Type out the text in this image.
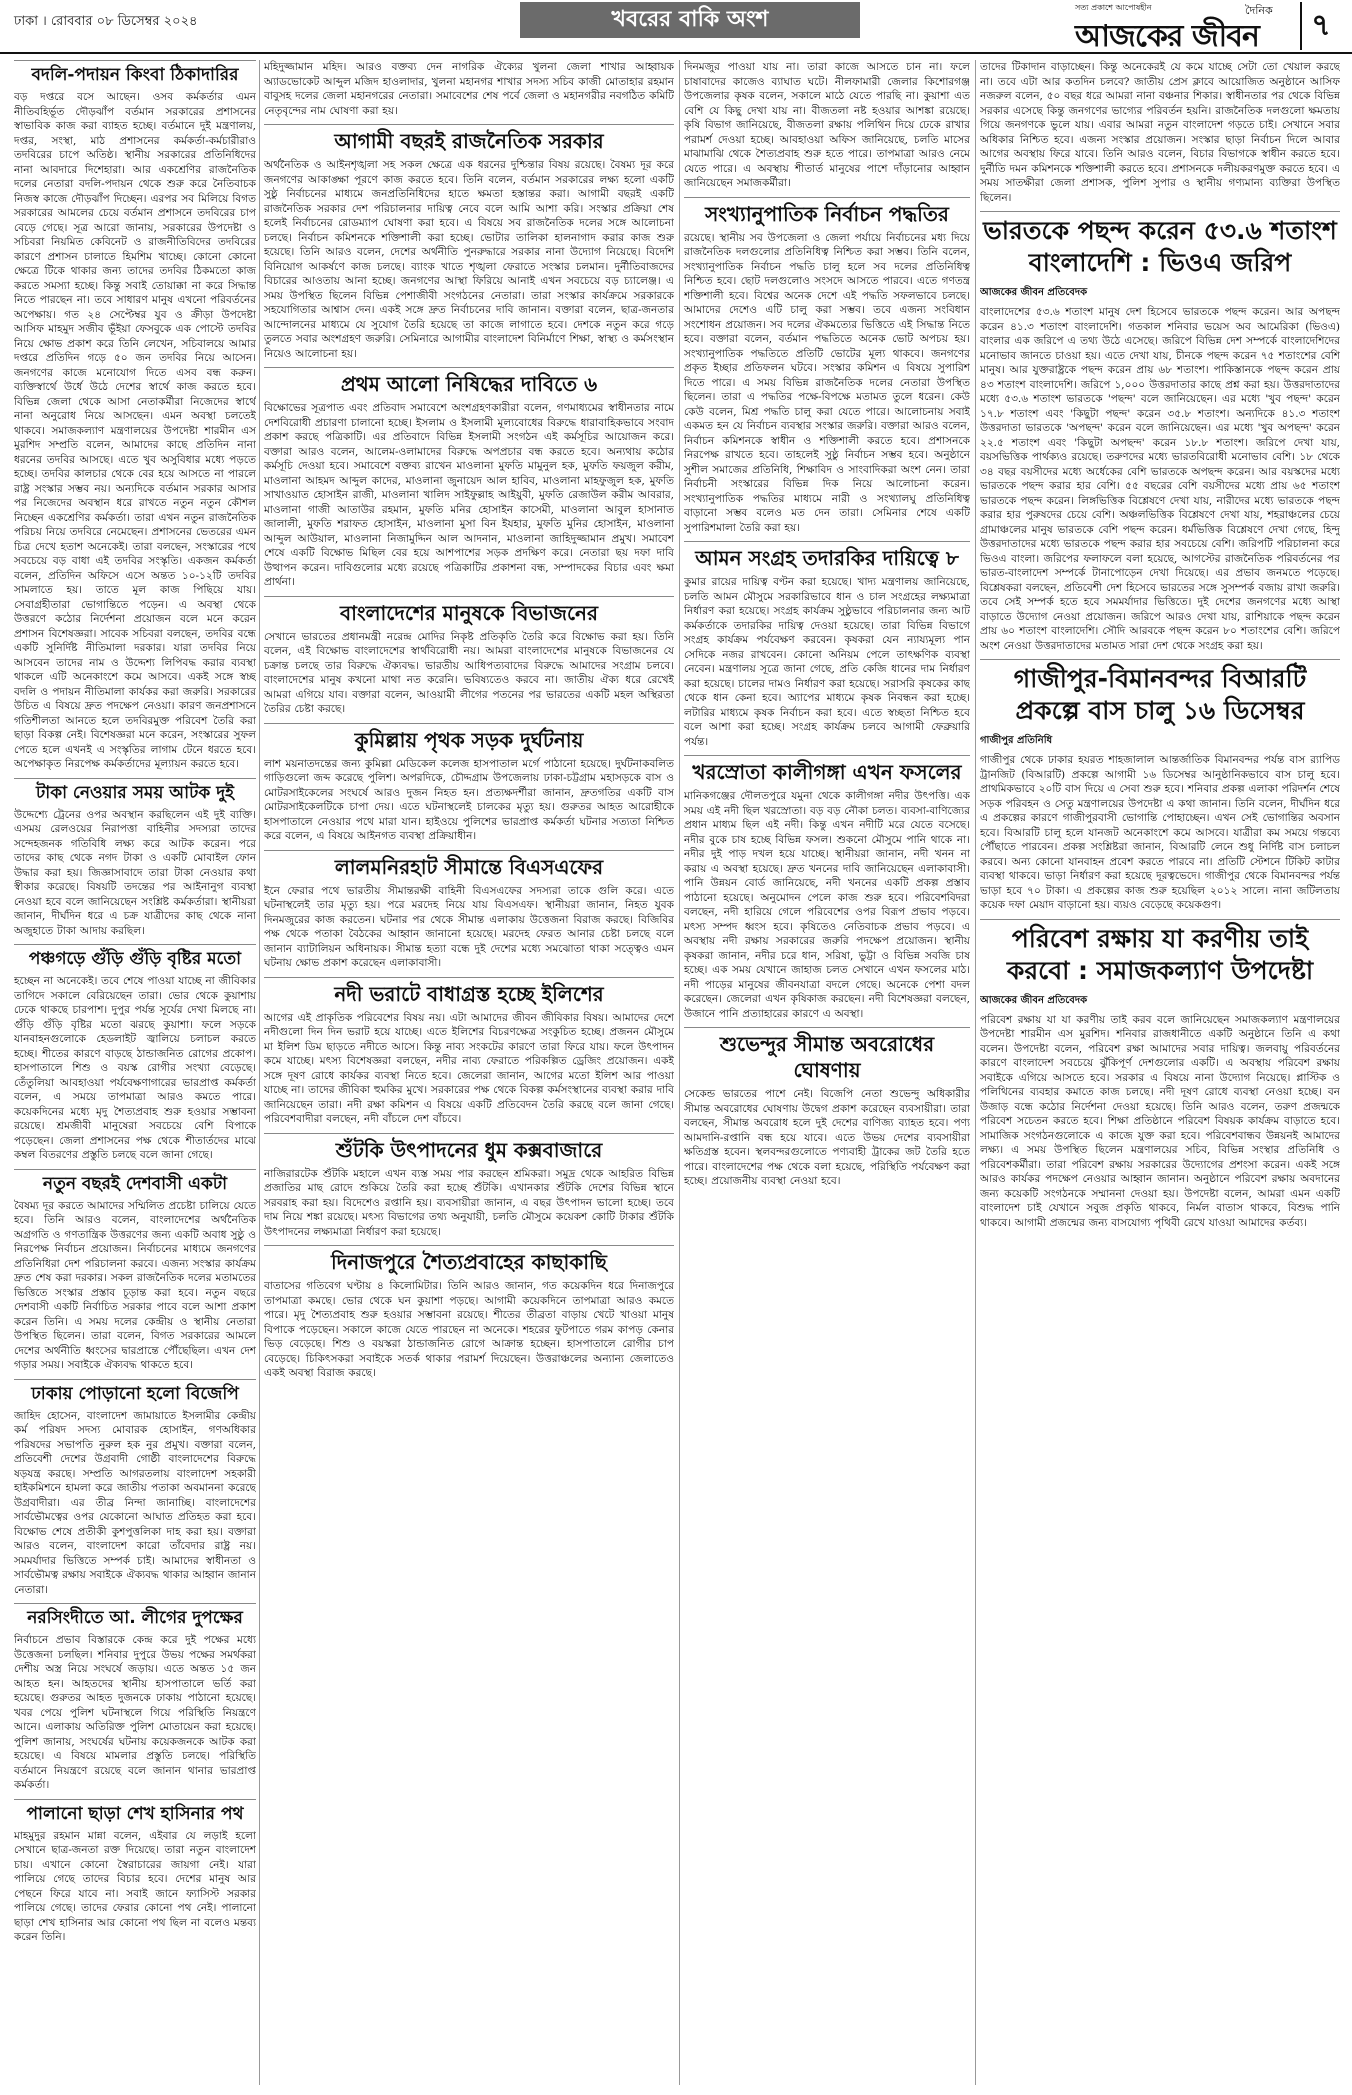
ঢাকা । রোববার ০৮ ডিসেম্বর ২০২৪	খবরের বাকি অংশ	সত্য প্রকাশে আপোষহীন	দৈনিক
আজকের জীবন	৭
বদলি-পদায়ন কিংবা ঠিকাদারির
বড় দপ্তরে বসে আছেন। ওসব কর্মকর্তার এমন নীতিবহির্ভূত দৌড়ঝাঁপ বর্তমান সরকারের প্রশাসনের স্বাভাবিক কাজ করা ব্যাহত হচ্ছে। বর্তমানে দুই মন্ত্রণালয়, দপ্তর, সংস্থা, মাঠ প্রশাসনের কর্মকর্তা-কর্মচারীরাও তদবিরের চাপে অতিষ্ঠ। স্থানীয় সরকারের প্রতিনিধিদের নানা আবদারে দিশেহারা। আর একশ্রেণির রাজনৈতিক দলের নেতারা বদলি-পদায়ন থেকে শুরু করে নৈতিবাচক নিজস্ব কাজে দৌড়ঝাঁপ দিচ্ছেন। এরপর সব মিলিয়ে বিগত সরকারের আমলের চেয়ে বর্তমান প্রশাসনে তদবিরের চাপ বেড়ে গেছে। সূত্র আরো জানায়, সরকারের উপদেষ্টা ও সচিবরা নিয়মিত কেবিনেট ও রাজনীতিবিদের তদবিরের কারণে প্রশাসন চালাতে হিমশিম খাচ্ছে। কোনো কোনো ক্ষেত্রে টিকে থাকার জন্য তাদের তদবির ঠিকমতো কাজ করতে সমস্যা হচ্ছে। কিন্তু সবাই তোয়াক্কা না করে সিদ্ধান্ত নিতে পারছেন না। তবে সাধারণ মানুষ এখনো পরিবর্তনের অপেক্ষায়। গত ২৪ সেপ্টেম্বর যুব ও ক্রীড়া উপদেষ্টা আসিফ মাহমুদ সজীব ভূঁইয়া ফেসবুকে এক পোস্টে তদবির নিয়ে ক্ষোভ প্রকাশ করে তিনি লেখেন, সচিবালয়ে আমার দপ্তরে প্রতিদিন গড়ে ৫০ জন তদবির নিয়ে আসেন। জনগণের কাজে মনোযোগ দিতে এসব বন্ধ করুন। ব্যক্তিস্বার্থে উর্ধে উঠে দেশের স্বার্থে কাজ করতে হবে। বিভিন্ন জেলা থেকে আসা নেতাকর্মীরা নিজেদের স্বার্থে নানা অনুরোধ নিয়ে আসছেন। এমন অবস্থা চলতেই থাকবে। সমাজকল্যাণ মন্ত্রণালয়ের উপদেষ্টা শারমীন এস মুরশিদ সম্প্রতি বলেন, আমাদের কাছে প্রতিদিন নানা ধরনের তদবির আসছে। এতে খুব অসুবিধার মধ্যে পড়তে হচ্ছে। তদবির কালচার থেকে বের হয়ে আসতে না পারলে রাষ্ট্র সংস্কার সম্ভব নয়। অন্যদিকে বর্তমান সরকার আসার পর নিজেদের অবস্থান ধরে রাখতে নতুন নতুন কৌশল নিচ্ছেন একশ্রেণির কর্মকর্তা। তারা এখন নতুন রাজনৈতিক পরিচয় নিয়ে তদবিরে নেমেছেন। প্রশাসনের ভেতরের এমন চিত্র দেখে হতাশ অনেকেই। তারা বলছেন, সংস্কারের পথে সবচেয়ে বড় বাধা এই তদবির সংস্কৃতি। একজন কর্মকর্তা বলেন, প্রতিদিন অফিসে এসে অন্তত ১০-১২টি তদবির সামলাতে হয়। তাতে মূল কাজ পিছিয়ে যায়। সেবাগ্রহীতারা ভোগান্তিতে পড়েন। এ অবস্থা থেকে উত্তরণে কঠোর নির্দেশনা প্রয়োজন বলে মনে করেন প্রশাসন বিশেষজ্ঞরা। সাবেক সচিবরা বলছেন, তদবির বন্ধে একটি সুনির্দিষ্ট নীতিমালা দরকার। যারা তদবির নিয়ে আসবেন তাদের নাম ও উদ্দেশ্য লিপিবদ্ধ করার ব্যবস্থা থাকলে এটি অনেকাংশে কমে আসবে। একই সঙ্গে স্বচ্ছ বদলি ও পদায়ন নীতিমালা কার্যকর করা জরুরি। সরকারের উচিত এ বিষয়ে দ্রুত পদক্ষেপ নেওয়া। কারণ জনপ্রশাসনে গতিশীলতা আনতে হলে তদবিরমুক্ত পরিবেশ তৈরি করা ছাড়া বিকল্প নেই। বিশেষজ্ঞরা মনে করেন, সংস্কারের সুফল পেতে হলে এখনই এ সংস্কৃতির লাগাম টেনে ধরতে হবে। অপেক্ষাকৃত নিরপেক্ষ কর্মকর্তাদের মূল্যায়ন করতে হবে।
টাকা নেওয়ার সময় আটক দুই
উদ্দেশ্যে ট্রেনের ওপর অবস্থান করছিলেন এই দুই ব্যক্তি। এসময় রেলওয়ের নিরাপত্তা বাহিনীর সদস্যরা তাদের সন্দেহজনক গতিবিধি লক্ষ্য করে আটক করেন। পরে তাদের কাছ থেকে নগদ টাকা ও একটি মোবাইল ফোন উদ্ধার করা হয়। জিজ্ঞাসাবাদে তারা টাকা নেওয়ার কথা স্বীকার করেছে। বিষয়টি তদন্তের পর আইনানুগ ব্যবস্থা নেওয়া হবে বলে জানিয়েছেন সংশ্লিষ্ট কর্মকর্তারা। স্থানীয়রা জানান, দীর্ঘদিন ধরে এ চক্র যাত্রীদের কাছ থেকে নানা অজুহাতে টাকা আদায় করছিল।
পঞ্চগড়ে গুঁড়ি গুঁড়ি বৃষ্টির মতো
হচ্ছেন না অনেকেই। তবে শেষে পাওয়া যাচ্ছে না জীবিকার তাগিদে সকালে বেরিয়েছেন তারা। ভোর থেকে কুয়াশায় ঢেকে থাকছে চারপাশ। দুপুর পর্যন্ত সূর্যের দেখা মিলছে না। গুঁড়ি গুঁড়ি বৃষ্টির মতো ঝরছে কুয়াশা। ফলে সড়কে যানবাহনগুলোকে হেডলাইট জ্বালিয়ে চলাচল করতে হচ্ছে। শীতের কারণে বাড়ছে ঠান্ডাজনিত রোগের প্রকোপ। হাসপাতালে শিশু ও বয়স্ক রোগীর সংখ্যা বেড়েছে। তেঁতুলিয়া আবহাওয়া পর্যবেক্ষণাগারের ভারপ্রাপ্ত কর্মকর্তা বলেন, এ সময়ে তাপমাত্রা আরও কমতে পারে। কয়েকদিনের মধ্যে মৃদু শৈত্যপ্রবাহ শুরু হওয়ার সম্ভাবনা রয়েছে। শ্রমজীবী মানুষেরা সবচেয়ে বেশি বিপাকে পড়েছেন। জেলা প্রশাসনের পক্ষ থেকে শীতার্তদের মাঝে কম্বল বিতরণের প্রস্তুতি চলছে বলে জানা গেছে।
নতুন বছরই দেশবাসী একটা
বৈষম্য দূর করতে আমাদের সম্মিলিত প্রচেষ্টা চালিয়ে যেতে হবে। তিনি আরও বলেন, বাংলাদেশের অর্থনৈতিক অগ্রগতি ও গণতান্ত্রিক উত্তরণের জন্য একটি অবাধ সুষ্ঠু ও নিরপেক্ষ নির্বাচন প্রয়োজন। নির্বাচনের মাধ্যমে জনগণের প্রতিনিধিরা দেশ পরিচালনা করবে। এজন্য সংস্কার কার্যক্রম দ্রুত শেষ করা দরকার। সকল রাজনৈতিক দলের মতামতের ভিত্তিতে সংস্কার প্রস্তাব চূড়ান্ত করা হবে। নতুন বছরে দেশবাসী একটি নির্বাচিত সরকার পাবে বলে আশা প্রকাশ করেন তিনি। এ সময় দলের কেন্দ্রীয় ও স্থানীয় নেতারা উপস্থিত ছিলেন। তারা বলেন, বিগত সরকারের আমলে দেশের অর্থনীতি ধ্বংসের দ্বারপ্রান্তে পৌঁছেছিল। এখন দেশ গড়ার সময়। সবাইকে ঐক্যবদ্ধ থাকতে হবে।
ঢাকায় পোড়ানো হলো বিজেপি
জাহিদ হোসেন, বাংলাদেশ জামায়াতে ইসলামীর কেন্দ্রীয় কর্ম পরিষদ সদস্য মোবারক হোসাইন, গণঅধিকার পরিষদের সভাপতি নুরুল হক নুর প্রমুখ। বক্তারা বলেন, প্রতিবেশী দেশের উগ্রবাদী গোষ্ঠী বাংলাদেশের বিরুদ্ধে ষড়যন্ত্র করছে। সম্প্রতি আগরতলায় বাংলাদেশ সহকারী হাইকমিশনে হামলা করে জাতীয় পতাকা অবমাননা করেছে উগ্রবাদীরা। এর তীব্র নিন্দা জানাচ্ছি। বাংলাদেশের সার্বভৌমত্বের ওপর যেকোনো আঘাত প্রতিহত করা হবে। বিক্ষোভ শেষে প্রতীকী কুশপুত্তলিকা দাহ করা হয়। বক্তারা আরও বলেন, বাংলাদেশ কারো তাঁবেদার রাষ্ট্র নয়। সমমর্যাদার ভিত্তিতে সম্পর্ক চাই। আমাদের স্বাধীনতা ও সার্বভৌমত্ব রক্ষায় সবাইকে ঐক্যবদ্ধ থাকার আহ্বান জানান নেতারা।
নরসিংদীতে আ. লীগের দুপক্ষের
নির্বাচনে প্রভাব বিস্তারকে কেন্দ্র করে দুই পক্ষের মধ্যে উত্তেজনা চলছিল। শনিবার দুপুরে উভয় পক্ষের সমর্থকরা দেশীয় অস্ত্র নিয়ে সংঘর্ষে জড়ায়। এতে অন্তত ১৫ জন আহত হন। আহতদের স্থানীয় হাসপাতালে ভর্তি করা হয়েছে। গুরুতর আহত দুজনকে ঢাকায় পাঠানো হয়েছে। খবর পেয়ে পুলিশ ঘটনাস্থলে গিয়ে পরিস্থিতি নিয়ন্ত্রণে আনে। এলাকায় অতিরিক্ত পুলিশ মোতায়েন করা হয়েছে। পুলিশ জানায়, সংঘর্ষের ঘটনায় কয়েকজনকে আটক করা হয়েছে। এ বিষয়ে মামলার প্রস্তুতি চলছে। পরিস্থিতি বর্তমানে নিয়ন্ত্রণে রয়েছে বলে জানান থানার ভারপ্রাপ্ত কর্মকর্তা।
পালানো ছাড়া শেখ হাসিনার পথ
মাহমুদুর রহমান মান্না বলেন, এইবার যে লড়াই হলো সেখানে ছাত্র-জনতা রক্ত দিয়েছে। তারা নতুন বাংলাদেশ চায়। এখানে কোনো স্বৈরাচারের জায়গা নেই। যারা পালিয়ে গেছে তাদের বিচার হবে। দেশের মানুষ আর পেছনে ফিরে যাবে না। সবাই জানে ফ্যাসিস্ট সরকার পালিয়ে গেছে। তাদের ফেরার কোনো পথ নেই। পালানো ছাড়া শেখ হাসিনার আর কোনো পথ ছিল না বলেও মন্তব্য করেন তিনি।
মহিদুজ্জামান মহিদ। আরও বক্তব্য দেন নাগরিক ঐক্যের খুলনা জেলা শাখার আহ্বায়ক অ্যাডভোকেট আব্দুল মজিদ হাওলাদার, খুলনা মহানগর শাখার সদস্য সচিব কাজী মোতাহার রহমান বাবুসহ দলের জেলা মহানগরের নেতারা। সমাবেশের শেষ পর্বে জেলা ও মহানগরীর নবগঠিত কমিটি নেতৃবৃন্দের নাম ঘোষণা করা হয়।
আগামী বছরই রাজনৈতিক সরকার
অর্থনৈতিক ও আইনশৃঙ্খলা সহ সকল ক্ষেত্রে এক ধরনের দুশ্চিন্তার বিষয় রয়েছে। বৈষম্য দূর করে জনগণের আকাঙ্ক্ষা পূরণে কাজ করতে হবে। তিনি বলেন, বর্তমান সরকারের লক্ষ্য হলো একটি সুষ্ঠু নির্বাচনের মাধ্যমে জনপ্রতিনিধিদের হাতে ক্ষমতা হস্তান্তর করা। আগামী বছরই একটি রাজনৈতিক সরকার দেশ পরিচালনার দায়িত্ব নেবে বলে আমি আশা করি। সংস্কার প্রক্রিয়া শেষ হলেই নির্বাচনের রোডম্যাপ ঘোষণা করা হবে। এ বিষয়ে সব রাজনৈতিক দলের সঙ্গে আলোচনা চলছে। নির্বাচন কমিশনকে শক্তিশালী করা হচ্ছে। ভোটার তালিকা হালনাগাদ করার কাজ শুরু হয়েছে। তিনি আরও বলেন, দেশের অর্থনীতি পুনরুদ্ধারে সরকার নানা উদ্যোগ নিয়েছে। বিদেশি বিনিয়োগ আকর্ষণে কাজ চলছে। ব্যাংক খাতে শৃঙ্খলা ফেরাতে সংস্কার চলমান। দুর্নীতিবাজদের বিচারের আওতায় আনা হচ্ছে। জনগণের আস্থা ফিরিয়ে আনাই এখন সবচেয়ে বড় চ্যালেঞ্জ। এ সময় উপস্থিত ছিলেন বিভিন্ন পেশাজীবী সংগঠনের নেতারা। তারা সংস্কার কার্যক্রমে সরকারকে সহযোগিতার আশ্বাস দেন। একই সঙ্গে দ্রুত নির্বাচনের দাবি জানান। বক্তারা বলেন, ছাত্র-জনতার আন্দোলনের মাধ্যমে যে সুযোগ তৈরি হয়েছে তা কাজে লাগাতে হবে। দেশকে নতুন করে গড়ে তুলতে সবার অংশগ্রহণ জরুরি। সেমিনারে আগামীর বাংলাদেশ বিনির্মাণে শিক্ষা, স্বাস্থ্য ও কর্মসংস্থান নিয়েও আলোচনা হয়।
প্রথম আলো নিষিদ্ধের দাবিতে ৬
বিক্ষোভের সূত্রপাত এবং প্রতিবাদ সমাবেশে অংশগ্রহণকারীরা বলেন, গণমাধ্যমের স্বাধীনতার নামে দেশবিরোধী প্রচারণা চালানো হচ্ছে। ইসলাম ও ইসলামী মূল্যবোধের বিরুদ্ধে ধারাবাহিকভাবে সংবাদ প্রকাশ করছে পত্রিকাটি। এর প্রতিবাদে বিভিন্ন ইসলামী সংগঠন এই কর্মসূচির আয়োজন করে। বক্তারা আরও বলেন, আলেম-ওলামাদের বিরুদ্ধে অপপ্রচার বন্ধ করতে হবে। অন্যথায় কঠোর কর্মসূচি দেওয়া হবে। সমাবেশে বক্তব্য রাখেন মাওলানা মুফতি মামুনুল হক, মুফতি ফয়জুল করীম, মাওলানা আহমদ আব্দুল কাদের, মাওলানা জুনায়েদ আল হাবিব, মাওলানা মাহফুজুল হক, মুফতি সাখাওয়াত হোসাইন রাজী, মাওলানা খালিদ সাইফুল্লাহ আইয়ুবী, মুফতি রেজাউল করীম আবরার, মাওলানা গাজী আতাউর রহমান, মুফতি মনির হোসাইন কাসেমী, মাওলানা আবুল হাসানাত জালালী, মুফতি শরাফত হোসাইন, মাওলানা মুসা বিন ইযহার, মুফতি মুনির হোসাইন, মাওলানা আব্দুল আউয়াল, মাওলানা নিজামুদ্দিন আল আদনান, মাওলানা জাহিদুজ্জামান প্রমুখ। সমাবেশ শেষে একটি বিক্ষোভ মিছিল বের হয়ে আশপাশের সড়ক প্রদক্ষিণ করে। নেতারা ছয় দফা দাবি উত্থাপন করেন। দাবিগুলোর মধ্যে রয়েছে পত্রিকাটির প্রকাশনা বন্ধ, সম্পাদকের বিচার এবং ক্ষমা প্রার্থনা।
বাংলাদেশের মানুষকে বিভাজনের
সেখানে ভারতের প্রধানমন্ত্রী নরেন্দ্র মোদির নিকৃষ্ট প্রতিকৃতি তৈরি করে বিক্ষোভ করা হয়। তিনি বলেন, এই বিক্ষোভ বাংলাদেশের স্বার্থবিরোধী নয়। আমরা বাংলাদেশের মানুষকে বিভাজনের যে চক্রান্ত চলছে তার বিরুদ্ধে ঐক্যবদ্ধ। ভারতীয় আধিপত্যবাদের বিরুদ্ধে আমাদের সংগ্রাম চলবে। বাংলাদেশের মানুষ কখনো মাথা নত করেনি। ভবিষ্যতেও করবে না। জাতীয় ঐক্য ধরে রেখেই আমরা এগিয়ে যাব। বক্তারা বলেন, আওয়ামী লীগের পতনের পর ভারতের একটি মহল অস্থিরতা তৈরির চেষ্টা করছে।
কুমিল্লায় পৃথক সড়ক দুর্ঘটনায়
লাশ ময়নাতদন্তের জন্য কুমিল্লা মেডিকেল কলেজ হাসপাতাল মর্গে পাঠানো হয়েছে। দুর্ঘটনাকবলিত গাড়িগুলো জব্দ করেছে পুলিশ। অপরদিকে, চৌদ্দগ্রাম উপজেলায় ঢাকা-চট্টগ্রাম মহাসড়কে বাস ও মোটরসাইকেলের সংঘর্ষে আরও দুজন নিহত হন। প্রত্যক্ষদর্শীরা জানান, দ্রুতগতির একটি বাস মোটরসাইকেলটিকে চাপা দেয়। এতে ঘটনাস্থলেই চালকের মৃত্যু হয়। গুরুতর আহত আরোহীকে হাসপাতালে নেওয়ার পথে মারা যান। হাইওয়ে পুলিশের ভারপ্রাপ্ত কর্মকর্তা ঘটনার সত্যতা নিশ্চিত করে বলেন, এ বিষয়ে আইনগত ব্যবস্থা প্রক্রিয়াধীন।
লালমনিরহাট সীমান্তে বিএসএফের
ইনে ফেরার পথে ভারতীয় সীমান্তরক্ষী বাহিনী বিএসএফের সদস্যরা তাকে গুলি করে। এতে ঘটনাস্থলেই তার মৃত্যু হয়। পরে মরদেহ নিয়ে যায় বিএসএফ। স্থানীয়রা জানান, নিহত যুবক দিনমজুরের কাজ করতেন। ঘটনার পর থেকে সীমান্ত এলাকায় উত্তেজনা বিরাজ করছে। বিজিবির পক্ষ থেকে পতাকা বৈঠকের আহ্বান জানানো হয়েছে। মরদেহ ফেরত আনার চেষ্টা চলছে বলে জানান ব্যাটালিয়ন অধিনায়ক। সীমান্ত হত্যা বন্ধে দুই দেশের মধ্যে সমঝোতা থাকা সত্ত্বেও এমন ঘটনায় ক্ষোভ প্রকাশ করেছেন এলাকাবাসী।
নদী ভরাটে বাধাগ্রস্ত হচ্ছে ইলিশের
আগের এই প্রাকৃতিক পরিবেশের বিষয় নয়। এটা আমাদের জীবন জীবিকার বিষয়। আমাদের দেশে নদীগুলো দিন দিন ভরাট হয়ে যাচ্ছে। এতে ইলিশের বিচরণক্ষেত্র সংকুচিত হচ্ছে। প্রজনন মৌসুমে মা ইলিশ ডিম ছাড়তে নদীতে আসে। কিন্তু নাব্য সংকটের কারণে তারা ফিরে যায়। ফলে উৎপাদন কমে যাচ্ছে। মৎস্য বিশেষজ্ঞরা বলছেন, নদীর নাব্য ফেরাতে পরিকল্পিত ড্রেজিং প্রয়োজন। একই সঙ্গে দূষণ রোধে কার্যকর ব্যবস্থা নিতে হবে। জেলেরা জানান, আগের মতো ইলিশ আর পাওয়া যাচ্ছে না। তাদের জীবিকা হুমকির মুখে। সরকারের পক্ষ থেকে বিকল্প কর্মসংস্থানের ব্যবস্থা করার দাবি জানিয়েছেন তারা। নদী রক্ষা কমিশন এ বিষয়ে একটি প্রতিবেদন তৈরি করছে বলে জানা গেছে। পরিবেশবাদীরা বলছেন, নদী বাঁচলে দেশ বাঁচবে।
শুঁটকি উৎপাদনের ধুম কক্সবাজারে
নাজিরারটেক শুঁটকি মহালে এখন ব্যস্ত সময় পার করছেন শ্রমিকরা। সমুদ্র থেকে আহরিত বিভিন্ন প্রজাতির মাছ রোদে শুকিয়ে তৈরি করা হচ্ছে শুঁটকি। এখানকার শুঁটকি দেশের বিভিন্ন স্থানে সরবরাহ করা হয়। বিদেশেও রপ্তানি হয়। ব্যবসায়ীরা জানান, এ বছর উৎপাদন ভালো হচ্ছে। তবে দাম নিয়ে শঙ্কা রয়েছে। মৎস্য বিভাগের তথ্য অনুযায়ী, চলতি মৌসুমে কয়েকশ কোটি টাকার শুঁটকি উৎপাদনের লক্ষ্যমাত্রা নির্ধারণ করা হয়েছে।
দিনাজপুরে শৈত্যপ্রবাহের কাছাকাছি
বাতাসের গতিবেগ ঘণ্টায় ৪ কিলোমিটার। তিনি আরও জানান, গত কয়েকদিন ধরে দিনাজপুরে তাপমাত্রা কমছে। ভোর থেকে ঘন কুয়াশা পড়ছে। আগামী কয়েকদিনে তাপমাত্রা আরও কমতে পারে। মৃদু শৈত্যপ্রবাহ শুরু হওয়ার সম্ভাবনা রয়েছে। শীতের তীব্রতা বাড়ায় খেটে খাওয়া মানুষ বিপাকে পড়েছেন। সকালে কাজে যেতে পারছেন না অনেকে। শহরের ফুটপাতে গরম কাপড় কেনার ভিড় বেড়েছে। শিশু ও বয়স্করা ঠান্ডাজনিত রোগে আক্রান্ত হচ্ছেন। হাসপাতালে রোগীর চাপ বেড়েছে। চিকিৎসকরা সবাইকে সতর্ক থাকার পরামর্শ দিয়েছেন। উত্তরাঞ্চলের অন্যান্য জেলাতেও একই অবস্থা বিরাজ করছে।
দিনমজুর পাওয়া যায় না। তারা কাজে আসতে চান না। ফলে চাষাবাদের কাজেও ব্যাঘাত ঘটে। নীলফামারী জেলার কিশোরগঞ্জ উপজেলার কৃষক বলেন, সকালে মাঠে যেতে পারছি না। কুয়াশা এত বেশি যে কিছু দেখা যায় না। বীজতলা নষ্ট হওয়ার আশঙ্কা রয়েছে। কৃষি বিভাগ জানিয়েছে, বীজতলা রক্ষায় পলিথিন দিয়ে ঢেকে রাখার পরামর্শ দেওয়া হচ্ছে। আবহাওয়া অফিস জানিয়েছে, চলতি মাসের মাঝামাঝি থেকে শৈত্যপ্রবাহ শুরু হতে পারে। তাপমাত্রা আরও নেমে যেতে পারে। এ অবস্থায় শীতার্ত মানুষের পাশে দাঁড়ানোর আহ্বান জানিয়েছেন সমাজকর্মীরা।
সংখ্যানুপাতিক নির্বাচন পদ্ধতির
রয়েছে। স্থানীয় সব উপজেলা ও জেলা পর্যায়ে নির্বাচনের মধ্য দিয়ে রাজনৈতিক দলগুলোর প্রতিনিধিত্ব নিশ্চিত করা সম্ভব। তিনি বলেন, সংখ্যানুপাতিক নির্বাচন পদ্ধতি চালু হলে সব দলের প্রতিনিধিত্ব নিশ্চিত হবে। ছোট দলগুলোও সংসদে আসতে পারবে। এতে গণতন্ত্র শক্তিশালী হবে। বিশ্বের অনেক দেশে এই পদ্ধতি সফলভাবে চলছে। আমাদের দেশেও এটি চালু করা সম্ভব। তবে এজন্য সংবিধান সংশোধন প্রয়োজন। সব দলের ঐকমত্যের ভিত্তিতে এই সিদ্ধান্ত নিতে হবে। বক্তারা বলেন, বর্তমান পদ্ধতিতে অনেক ভোট অপচয় হয়। সংখ্যানুপাতিক পদ্ধতিতে প্রতিটি ভোটের মূল্য থাকবে। জনগণের প্রকৃত ইচ্ছার প্রতিফলন ঘটবে। সংস্কার কমিশন এ বিষয়ে সুপারিশ দিতে পারে। এ সময় বিভিন্ন রাজনৈতিক দলের নেতারা উপস্থিত ছিলেন। তারা এ পদ্ধতির পক্ষে-বিপক্ষে মতামত তুলে ধরেন। কেউ কেউ বলেন, মিশ্র পদ্ধতি চালু করা যেতে পারে। আলোচনায় সবাই একমত হন যে নির্বাচন ব্যবস্থার সংস্কার জরুরি। বক্তারা আরও বলেন, নির্বাচন কমিশনকে স্বাধীন ও শক্তিশালী করতে হবে। প্রশাসনকে নিরপেক্ষ রাখতে হবে। তাহলেই সুষ্ঠু নির্বাচন সম্ভব হবে। অনুষ্ঠানে সুশীল সমাজের প্রতিনিধি, শিক্ষাবিদ ও সাংবাদিকরা অংশ নেন। তারা নির্বাচনী সংস্কারের বিভিন্ন দিক নিয়ে আলোচনা করেন। সংখ্যানুপাতিক পদ্ধতির মাধ্যমে নারী ও সংখ্যালঘু প্রতিনিধিত্ব বাড়ানো সম্ভব বলেও মত দেন তারা। সেমিনার শেষে একটি সুপারিশমালা তৈরি করা হয়।
আমন সংগ্রহ তদারকির দায়িত্বে ৮
কুমার রায়ের দায়িত্ব বণ্টন করা হয়েছে। খাদ্য মন্ত্রণালয় জানিয়েছে, চলতি আমন মৌসুমে সরকারিভাবে ধান ও চাল সংগ্রহের লক্ষ্যমাত্রা নির্ধারণ করা হয়েছে। সংগ্রহ কার্যক্রম সুষ্ঠুভাবে পরিচালনার জন্য আট কর্মকর্তাকে তদারকির দায়িত্ব দেওয়া হয়েছে। তারা বিভিন্ন বিভাগে সংগ্রহ কার্যক্রম পর্যবেক্ষণ করবেন। কৃষকরা যেন ন্যায্যমূল্য পান সেদিকে নজর রাখবেন। কোনো অনিয়ম পেলে তাৎক্ষণিক ব্যবস্থা নেবেন। মন্ত্রণালয় সূত্রে জানা গেছে, প্রতি কেজি ধানের দাম নির্ধারণ করা হয়েছে। চালের দামও নির্ধারণ করা হয়েছে। সরাসরি কৃষকের কাছ থেকে ধান কেনা হবে। অ্যাপের মাধ্যমে কৃষক নিবন্ধন করা হচ্ছে। লটারির মাধ্যমে কৃষক নির্বাচন করা হবে। এতে স্বচ্ছতা নিশ্চিত হবে বলে আশা করা হচ্ছে। সংগ্রহ কার্যক্রম চলবে আগামী ফেব্রুয়ারি পর্যন্ত।
খরস্রোতা কালীগঙ্গা এখন ফসলের
মানিকগঞ্জের দৌলতপুরে যমুনা থেকে কালীগঙ্গা নদীর উৎপত্তি। এক সময় এই নদী ছিল খরস্রোতা। বড় বড় নৌকা চলত। ব্যবসা-বাণিজ্যের প্রধান মাধ্যম ছিল এই নদী। কিন্তু এখন নদীটি মরে যেতে বসেছে। নদীর বুকে চাষ হচ্ছে বিভিন্ন ফসল। শুকনো মৌসুমে পানি থাকে না। নদীর দুই পাড় দখল হয়ে যাচ্ছে। স্থানীয়রা জানান, নদী খনন না করায় এ অবস্থা হয়েছে। দ্রুত খননের দাবি জানিয়েছেন এলাকাবাসী। পানি উন্নয়ন বোর্ড জানিয়েছে, নদী খননের একটি প্রকল্প প্রস্তাব পাঠানো হয়েছে। অনুমোদন পেলে কাজ শুরু হবে। পরিবেশবিদরা বলছেন, নদী হারিয়ে গেলে পরিবেশের ওপর বিরূপ প্রভাব পড়বে। মৎস্য সম্পদ ধ্বংস হবে। কৃষিতেও নেতিবাচক প্রভাব পড়বে। এ অবস্থায় নদী রক্ষায় সরকারের জরুরি পদক্ষেপ প্রয়োজন। স্থানীয় কৃষকরা জানান, নদীর চরে ধান, সরিষা, ভুট্টা ও বিভিন্ন সবজি চাষ হচ্ছে। এক সময় যেখানে জাহাজ চলত সেখানে এখন ফসলের মাঠ। নদী পাড়ের মানুষের জীবনযাত্রা বদলে গেছে। অনেকে পেশা বদল করেছেন। জেলেরা এখন কৃষিকাজ করছেন। নদী বিশেষজ্ঞরা বলছেন, উজানে পানি প্রত্যাহারের কারণে এ অবস্থা।
শুভেন্দুর সীমান্ত অবরোধের ঘোষণায়
সেকেন্ড ভারতের পাশে নেই। বিজেপি নেতা শুভেন্দু অধিকারীর সীমান্ত অবরোধের ঘোষণায় উদ্বেগ প্রকাশ করেছেন ব্যবসায়ীরা। তারা বলছেন, সীমান্ত অবরোধ হলে দুই দেশের বাণিজ্য ব্যাহত হবে। পণ্য আমদানি-রপ্তানি বন্ধ হয়ে যাবে। এতে উভয় দেশের ব্যবসায়ীরা ক্ষতিগ্রস্ত হবেন। স্থলবন্দরগুলোতে পণ্যবাহী ট্রাকের জট তৈরি হতে পারে। বাংলাদেশের পক্ষ থেকে বলা হয়েছে, পরিস্থিতি পর্যবেক্ষণ করা হচ্ছে। প্রয়োজনীয় ব্যবস্থা নেওয়া হবে।
তাদের টিকাদান বাড়াচ্ছেন। কিন্তু অনেকেরই যে কমে যাচ্ছে সেটা তো খেয়াল করছে না। তবে এটা আর কতদিন চলবে? জাতীয় প্রেস ক্লাবে আয়োজিত অনুষ্ঠানে আসিফ নজরুল বলেন, ৫০ বছর ধরে আমরা নানা বঞ্চনার শিকার। স্বাধীনতার পর থেকে বিভিন্ন সরকার এসেছে কিন্তু জনগণের ভাগ্যের পরিবর্তন হয়নি। রাজনৈতিক দলগুলো ক্ষমতায় গিয়ে জনগণকে ভুলে যায়। এবার আমরা নতুন বাংলাদেশ গড়তে চাই। সেখানে সবার অধিকার নিশ্চিত হবে। এজন্য সংস্কার প্রয়োজন। সংস্কার ছাড়া নির্বাচন দিলে আবার আগের অবস্থায় ফিরে যাবে। তিনি আরও বলেন, বিচার বিভাগকে স্বাধীন করতে হবে। দুর্নীতি দমন কমিশনকে শক্তিশালী করতে হবে। প্রশাসনকে দলীয়করণমুক্ত করতে হবে। এ সময় সাতক্ষীরা জেলা প্রশাসক, পুলিশ সুপার ও স্থানীয় গণ্যমান্য ব্যক্তিরা উপস্থিত ছিলেন।
ভারতকে পছন্দ করেন ৫৩.৬ শতাংশ বাংলাদেশি : ভিওএ জরিপ
আজকের জীবন প্রতিবেদক
বাংলাদেশের ৫৩.৬ শতাংশ মানুষ দেশ হিসেবে ভারতকে পছন্দ করেন। আর অপছন্দ করেন ৪১.৩ শতাংশ বাংলাদেশি। গতকাল শনিবার ভয়েস অব আমেরিকা (ভিওএ) বাংলার এক জরিপে এ তথ্য উঠে এসেছে। জরিপে বিভিন্ন দেশ সম্পর্কে বাংলাদেশিদের মনোভাব জানতে চাওয়া হয়। এতে দেখা যায়, চীনকে পছন্দ করেন ৭৫ শতাংশের বেশি মানুষ। আর যুক্তরাষ্ট্রকে পছন্দ করেন প্রায় ৬৮ শতাংশ। পাকিস্তানকে পছন্দ করেন প্রায় ৪৩ শতাংশ বাংলাদেশি। জরিপে ১,০০০ উত্তরদাতার কাছে প্রশ্ন করা হয়। উত্তরদাতাদের মধ্যে ৫৩.৬ শতাংশ ভারতকে 'পছন্দ' বলে জানিয়েছেন। এর মধ্যে 'খুব পছন্দ' করেন ১৭.৮ শতাংশ এবং 'কিছুটা পছন্দ' করেন ৩৫.৮ শতাংশ। অন্যদিকে ৪১.৩ শতাংশ উত্তরদাতা ভারতকে 'অপছন্দ' করেন বলে জানিয়েছেন। এর মধ্যে 'খুব অপছন্দ' করেন ২২.৫ শতাংশ এবং 'কিছুটা অপছন্দ' করেন ১৮.৮ শতাংশ। জরিপে দেখা যায়, বয়সভিত্তিক পার্থক্যও রয়েছে। তরুণদের মধ্যে ভারতবিরোধী মনোভাব বেশি। ১৮ থেকে ৩৪ বছর বয়সীদের মধ্যে অর্ধেকের বেশি ভারতকে অপছন্দ করেন। আর বয়স্কদের মধ্যে ভারতকে পছন্দ করার হার বেশি। ৫৫ বছরের বেশি বয়সীদের মধ্যে প্রায় ৬৫ শতাংশ ভারতকে পছন্দ করেন। লিঙ্গভিত্তিক বিশ্লেষণে দেখা যায়, নারীদের মধ্যে ভারতকে পছন্দ করার হার পুরুষদের চেয়ে বেশি। অঞ্চলভিত্তিক বিশ্লেষণে দেখা যায়, শহরাঞ্চলের চেয়ে গ্রামাঞ্চলের মানুষ ভারতকে বেশি পছন্দ করেন। ধর্মভিত্তিক বিশ্লেষণে দেখা গেছে, হিন্দু উত্তরদাতাদের মধ্যে ভারতকে পছন্দ করার হার সবচেয়ে বেশি। জরিপটি পরিচালনা করে ভিওএ বাংলা। জরিপের ফলাফলে বলা হয়েছে, আগস্টের রাজনৈতিক পরিবর্তনের পর ভারত-বাংলাদেশ সম্পর্কে টানাপোড়েন দেখা দিয়েছে। এর প্রভাব জনমতে পড়েছে। বিশ্লেষকরা বলছেন, প্রতিবেশী দেশ হিসেবে ভারতের সঙ্গে সুসম্পর্ক বজায় রাখা জরুরি। তবে সেই সম্পর্ক হতে হবে সমমর্যাদার ভিত্তিতে। দুই দেশের জনগণের মধ্যে আস্থা বাড়াতে উদ্যোগ নেওয়া প্রয়োজন। জরিপে আরও দেখা যায়, রাশিয়াকে পছন্দ করেন প্রায় ৬০ শতাংশ বাংলাদেশি। সৌদি আরবকে পছন্দ করেন ৮০ শতাংশের বেশি। জরিপে অংশ নেওয়া উত্তরদাতাদের মতামত সারা দেশ থেকে সংগ্রহ করা হয়।
গাজীপুর-বিমানবন্দর বিআরটি প্রকল্পে বাস চালু ১৬ ডিসেম্বর
গাজীপুর প্রতিনিধি
গাজীপুর থেকে ঢাকার হযরত শাহজালাল আন্তর্জাতিক বিমানবন্দর পর্যন্ত বাস র‍্যাপিড ট্রানজিট (বিআরটি) প্রকল্পে আগামী ১৬ ডিসেম্বর আনুষ্ঠানিকভাবে বাস চালু হবে। প্রাথমিকভাবে ২০টি বাস দিয়ে এ সেবা শুরু হবে। শনিবার প্রকল্প এলাকা পরিদর্শন শেষে সড়ক পরিবহন ও সেতু মন্ত্রণালয়ের উপদেষ্টা এ কথা জানান। তিনি বলেন, দীর্ঘদিন ধরে এ প্রকল্পের কারণে গাজীপুরবাসী ভোগান্তি পোহাচ্ছেন। এখন সেই ভোগান্তির অবসান হবে। বিআরটি চালু হলে যানজট অনেকাংশে কমে আসবে। যাত্রীরা কম সময়ে গন্তব্যে পৌঁছাতে পারবেন। প্রকল্প সংশ্লিষ্টরা জানান, বিআরটি লেনে শুধু নির্দিষ্ট বাস চলাচল করবে। অন্য কোনো যানবাহন প্রবেশ করতে পারবে না। প্রতিটি স্টেশনে টিকিট কাটার ব্যবস্থা থাকবে। ভাড়া নির্ধারণ করা হয়েছে দূরত্বভেদে। গাজীপুর থেকে বিমানবন্দর পর্যন্ত ভাড়া হবে ৭০ টাকা। এ প্রকল্পের কাজ শুরু হয়েছিল ২০১২ সালে। নানা জটিলতায় কয়েক দফা মেয়াদ বাড়ানো হয়। ব্যয়ও বেড়েছে কয়েকগুণ।
পরিবেশ রক্ষায় যা করণীয় তাই করবো : সমাজকল্যাণ উপদেষ্টা
আজকের জীবন প্রতিবেদক
পরিবেশ রক্ষায় যা যা করণীয় তাই করব বলে জানিয়েছেন সমাজকল্যাণ মন্ত্রণালয়ের উপদেষ্টা শারমীন এস মুরশিদ। শনিবার রাজধানীতে একটি অনুষ্ঠানে তিনি এ কথা বলেন। উপদেষ্টা বলেন, পরিবেশ রক্ষা আমাদের সবার দায়িত্ব। জলবায়ু পরিবর্তনের কারণে বাংলাদেশ সবচেয়ে ঝুঁকিপূর্ণ দেশগুলোর একটি। এ অবস্থায় পরিবেশ রক্ষায় সবাইকে এগিয়ে আসতে হবে। সরকার এ বিষয়ে নানা উদ্যোগ নিয়েছে। প্লাস্টিক ও পলিথিনের ব্যবহার কমাতে কাজ চলছে। নদী দূষণ রোধে ব্যবস্থা নেওয়া হচ্ছে। বন উজাড় বন্ধে কঠোর নির্দেশনা দেওয়া হয়েছে। তিনি আরও বলেন, তরুণ প্রজন্মকে পরিবেশ সচেতন করতে হবে। শিক্ষা প্রতিষ্ঠানে পরিবেশ বিষয়ক কার্যক্রম বাড়াতে হবে। সামাজিক সংগঠনগুলোকে এ কাজে যুক্ত করা হবে। পরিবেশবান্ধব উন্নয়নই আমাদের লক্ষ্য। এ সময় উপস্থিত ছিলেন মন্ত্রণালয়ের সচিব, বিভিন্ন সংস্থার প্রতিনিধি ও পরিবেশকর্মীরা। তারা পরিবেশ রক্ষায় সরকারের উদ্যোগের প্রশংসা করেন। একই সঙ্গে আরও কার্যকর পদক্ষেপ নেওয়ার আহ্বান জানান। অনুষ্ঠানে পরিবেশ রক্ষায় অবদানের জন্য কয়েকটি সংগঠনকে সম্মাননা দেওয়া হয়। উপদেষ্টা বলেন, আমরা এমন একটি বাংলাদেশ চাই যেখানে সবুজ প্রকৃতি থাকবে, নির্মল বাতাস থাকবে, বিশুদ্ধ পানি থাকবে। আগামী প্রজন্মের জন্য বাসযোগ্য পৃথিবী রেখে যাওয়া আমাদের কর্তব্য।
